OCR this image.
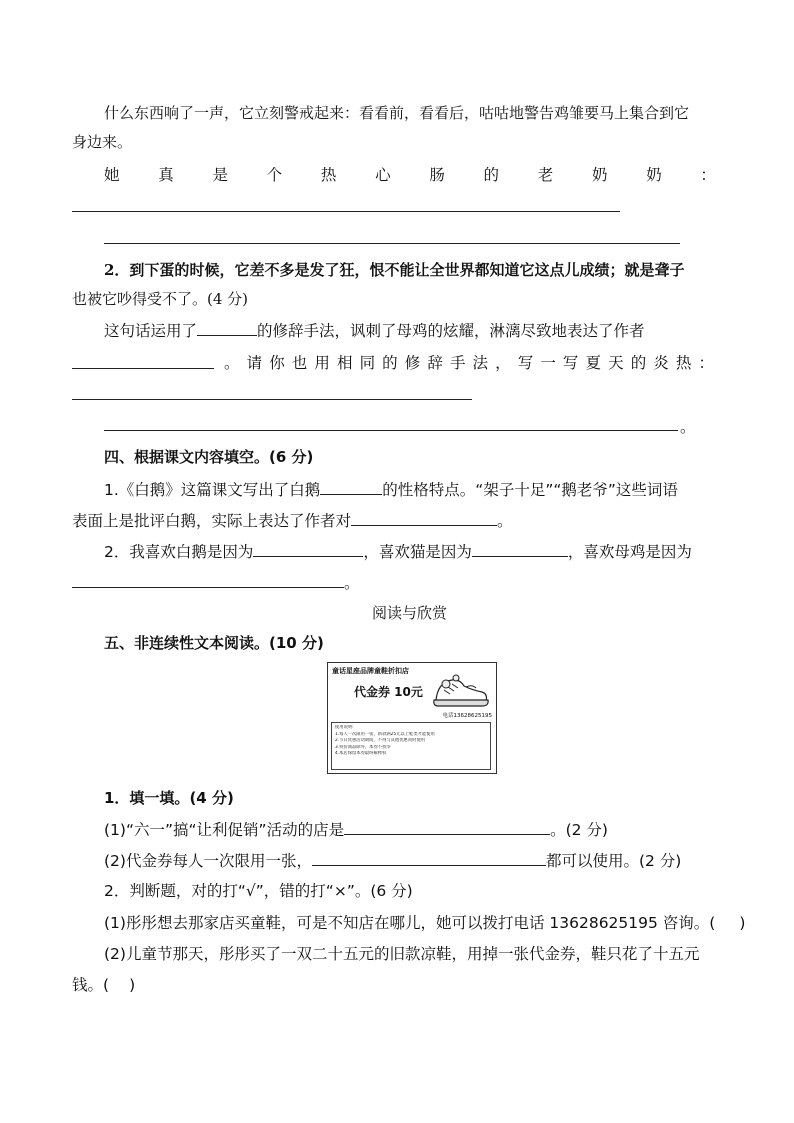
什么东西响了一声，它立刻警戒起来：看看前，看看后，咕咕地警告鸡雏要马上集合到它
身边来。
她 真 是 个 热 心 肠 的 老 奶 奶 ：
2．到下蛋的时候，它差不多是发了狂，恨不能让全世界都知道它这点儿成绩；就是聋子
也被它吵得受不了。(4 分)
这句话运用了	的修辞手法，讽刺了母鸡的炫耀，淋漓尽致地表达了作者
。 请 你 也 用 相 同 的 修 辞 手 法 ， 写 一 写 夏 天 的 炎 热 ：
。
四、根据课文内容填空。(6 分)
1.《白鹅》这篇课文写出了白鹅	的性格特点。“架子十足”“鹅老爷”这些词语
表面上是批评白鹅，实际上表达了作者对	。
2．我喜欢白鹅是因为	，喜欢猫是因为	，喜欢母鸡是因为
。
阅读与欣赏
五、非连续性文本阅读。(10 分)
童话星座品牌童鞋折扣店
代金券 10元
电话13628625195
使用说明:
1.每人一次限用一张，新款满25元以上鞋类才能使用
2.节日优惠活动期间，不得与其他优惠同时使用
3.特价商品除外，本券不找零
4.本店保留本券最终解释权
1．填一填。(4 分)
(1)“六一”搞“让利促销”活动的店是	。(2 分)
(2)代金券每人一次限用一张，	都可以使用。(2 分)
2．判断题，对的打“√”，错的打“×”。(6 分)
(1)彤彤想去那家店买童鞋，可是不知店在哪儿，她可以拨打电话 13628625195 咨询。( )
(2)儿童节那天，彤彤买了一双二十五元的旧款凉鞋，用掉一张代金券，鞋只花了十五元
钱。( )
